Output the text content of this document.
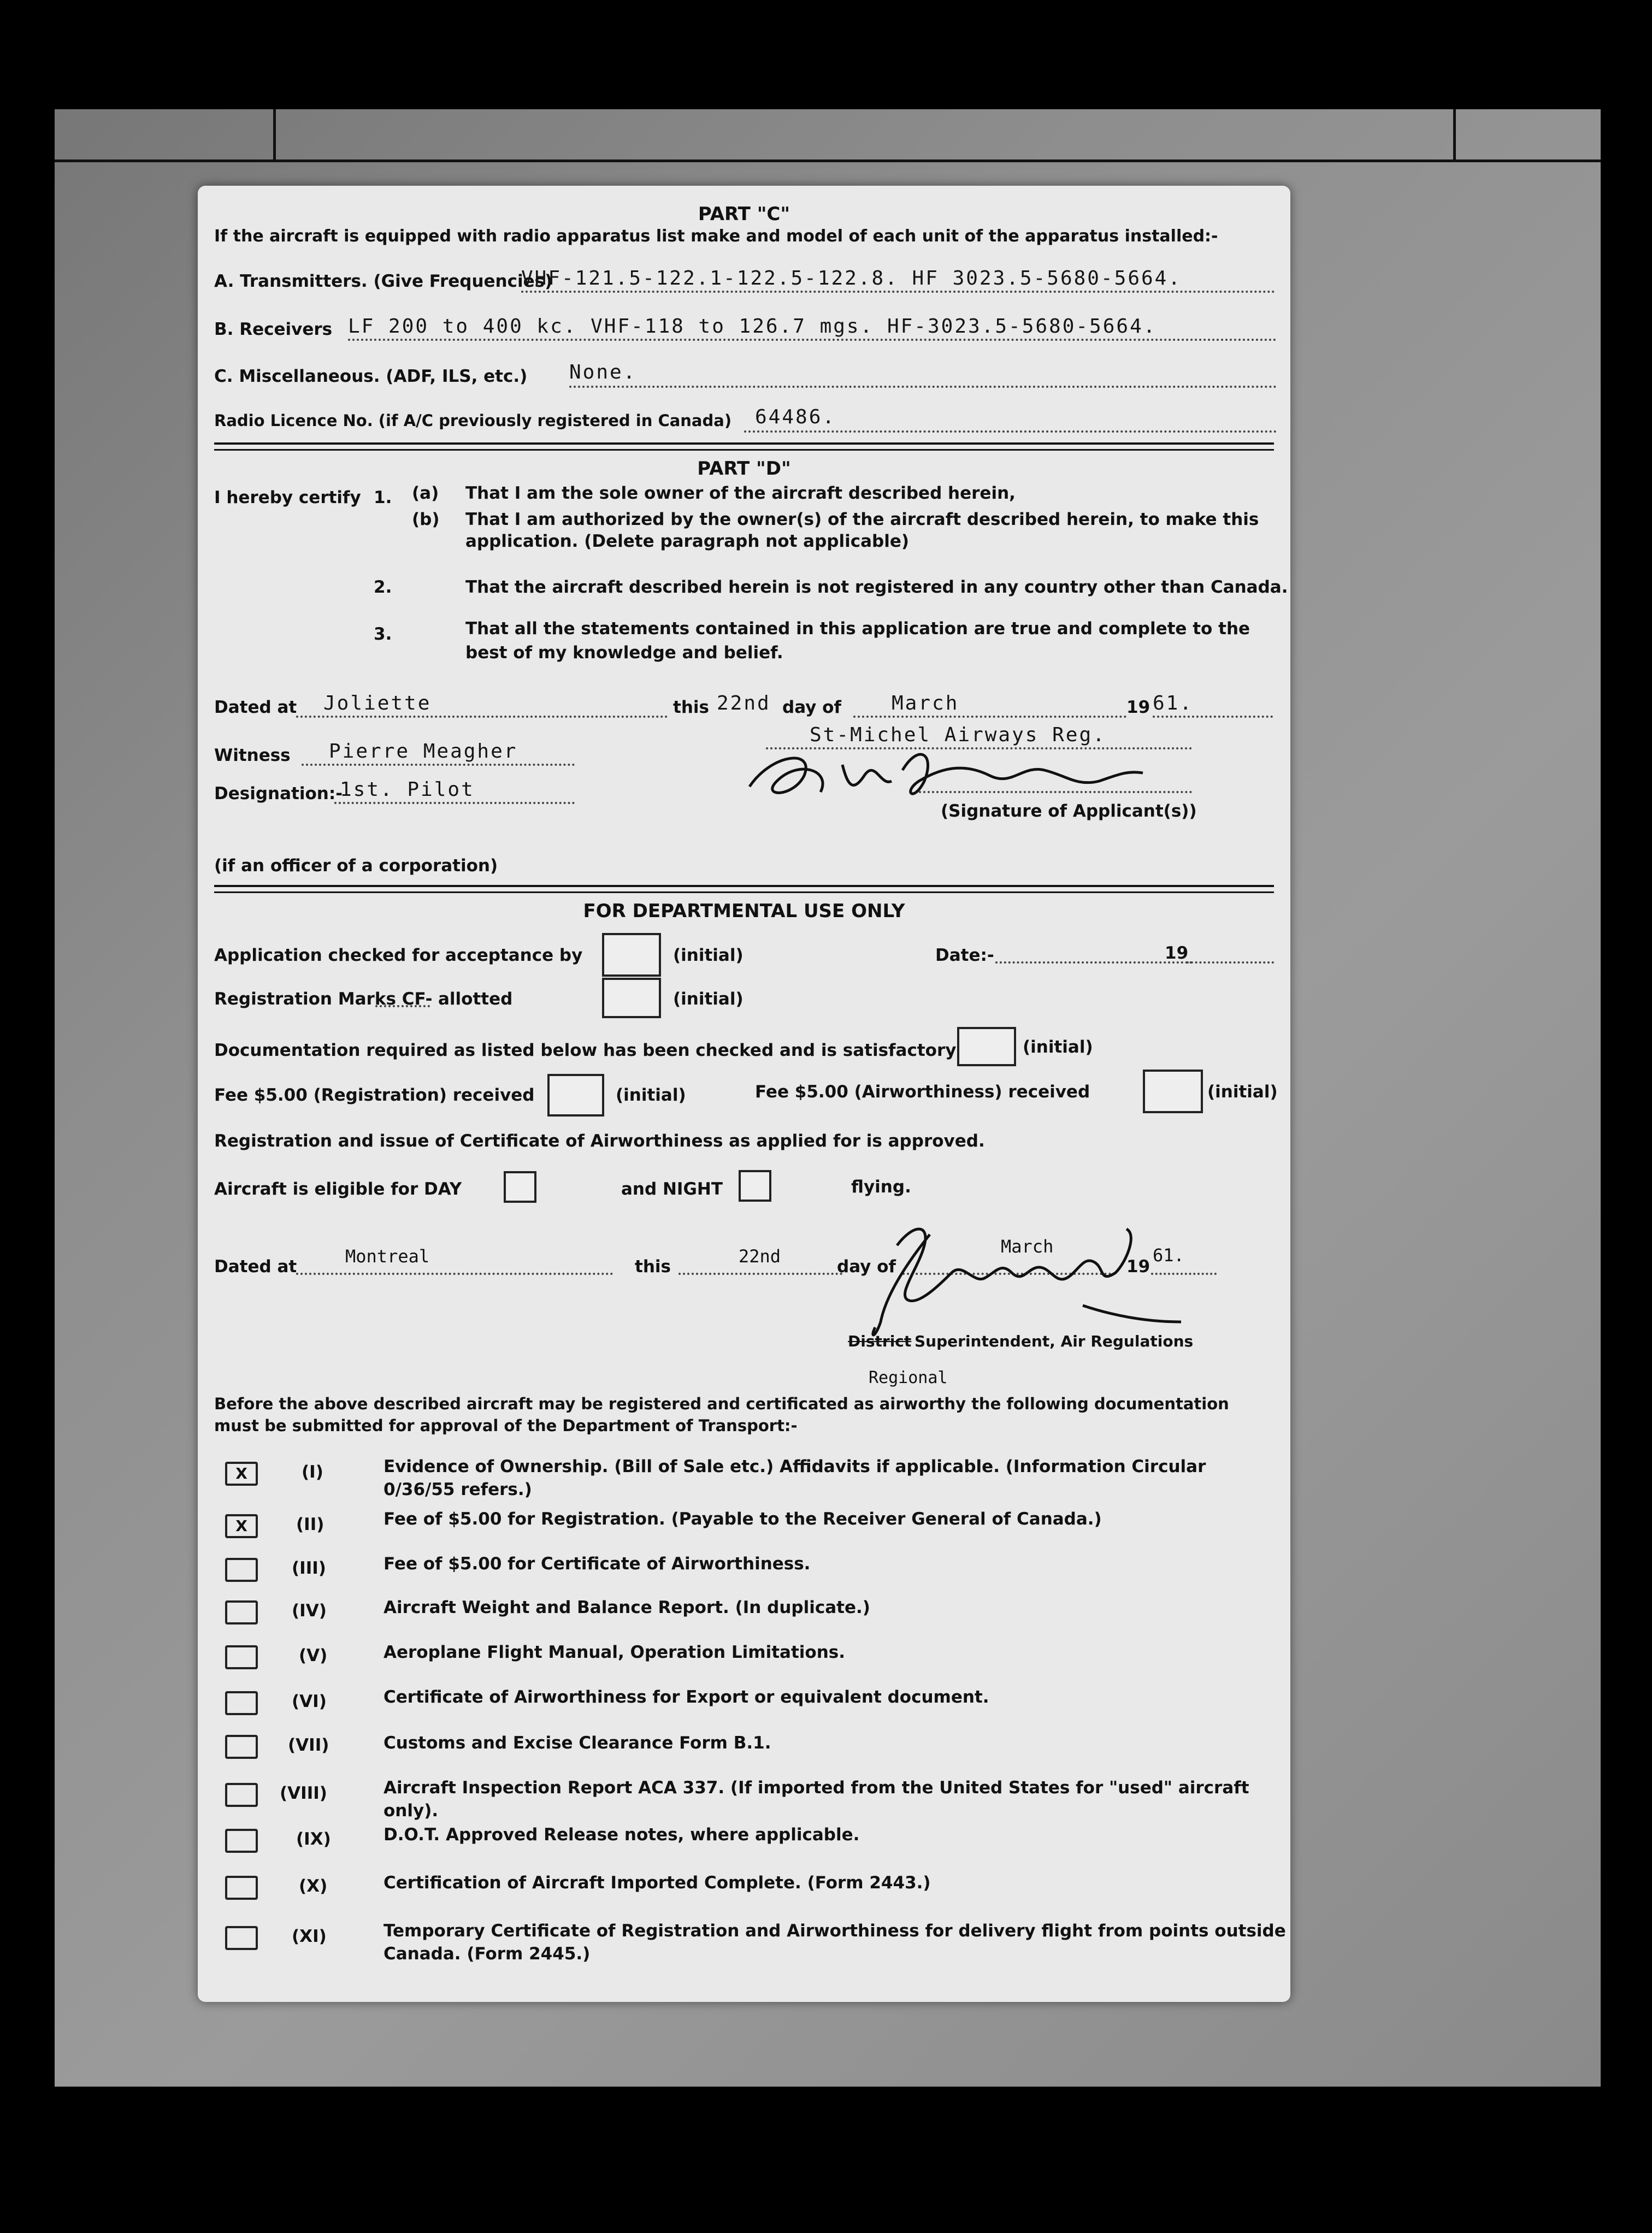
PART "C"
If the aircraft is equipped with radio apparatus list make and model of each unit of the apparatus installed:-
A. Transmitters. (Give Frequencies)
VHF-121.5-122.1-122.5-122.8. HF 3023.5-5680-5664.
B. Receivers LF 200 to 400 kc. VHF-118 to 126.7 mgs. HF-3023.5-5680-5664.
C. Miscellaneous. (ADF, ILS, etc.) None.
Radio Licence No. (if A/C previously registered in Canada) 64486.
PART "D"
I hereby certify 1. (a) That I am the sole owner of the aircraft described herein,
(b) That I am authorized by the owner(s) of the aircraft described herein, to make this
application. (Delete paragraph not applicable)
2.	That the aircraft described herein is not registered in any country other than Canada.
3.	That all the statements contained in this application are true and complete to the
best of my knowledge and belief.
Dated at Joliette	this 22nd day of	March	19 61.
Witness Pierre Meagher
St-Michel Airways Reg.
Designation:-
1st. Pilot
(Signature of Applicant(s))
(if an officer of a corporation)
FOR DEPARTMENTAL USE ONLY
Application checked for acceptance by	(initial)	Date:-	19
Registration Marks CF- allotted	(initial)
Documentation required as listed below has been checked and is satisfactory	(initial)
Fee $5.00 (Registration) received	(initial)	Fee $5.00 (Airworthiness) received	(initial)
Registration and issue of Certificate of Airworthiness as applied for is approved.
Aircraft is eligible for DAY	and NIGHT	flying.
Dated at	Montreal	this	22nd	day of
March
19
61.
District Superintendent, Air Regulations
Regional
Before the above described aircraft may be registered and certificated as airworthy the following documentation
must be submitted for approval of the Department of Transport:-
X	(I)	Evidence of Ownership. (Bill of Sale etc.) Affidavits if applicable. (Information Circular
0/36/55 refers.)
X	(II)	Fee of $5.00 for Registration. (Payable to the Receiver General of Canada.)
(III)	Fee of $5.00 for Certificate of Airworthiness.
(IV)	Aircraft Weight and Balance Report. (In duplicate.)
(V)	Aeroplane Flight Manual, Operation Limitations.
(VI)	Certificate of Airworthiness for Export or equivalent document.
(VII)	Customs and Excise Clearance Form B.1.
(VIII)	Aircraft Inspection Report ACA 337. (If imported from the United States for "used" aircraft
only).
(IX)	D.O.T. Approved Release notes, where applicable.
(X)	Certification of Aircraft Imported Complete. (Form 2443.)
(XI)	Temporary Certificate of Registration and Airworthiness for delivery flight from points outside
Canada. (Form 2445.)
